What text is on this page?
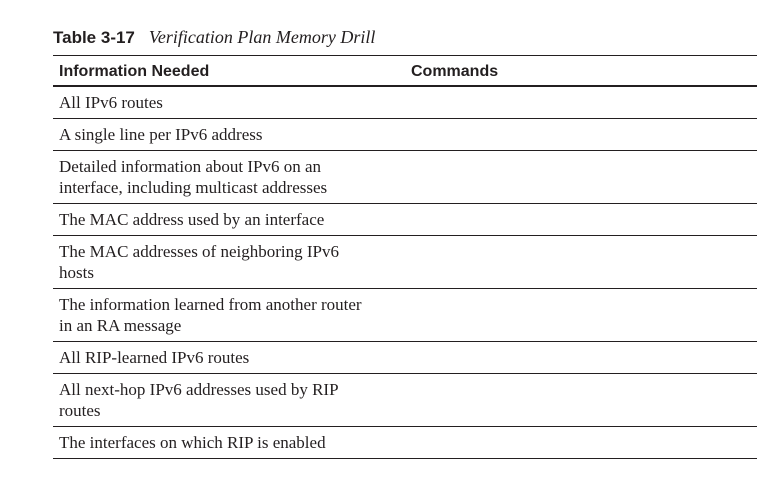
Table 3-17 Verification Plan Memory Drill
Information Needed	Commands
All IPv6 routes
A single line per IPv6 address
Detailed information about IPv6 on an
interface, including multicast addresses
The MAC address used by an interface
The MAC addresses of neighboring IPv6
hosts
The information learned from another router
in an RA message
All RIP-learned IPv6 routes
All next-hop IPv6 addresses used by RIP
routes
The interfaces on which RIP is enabled
